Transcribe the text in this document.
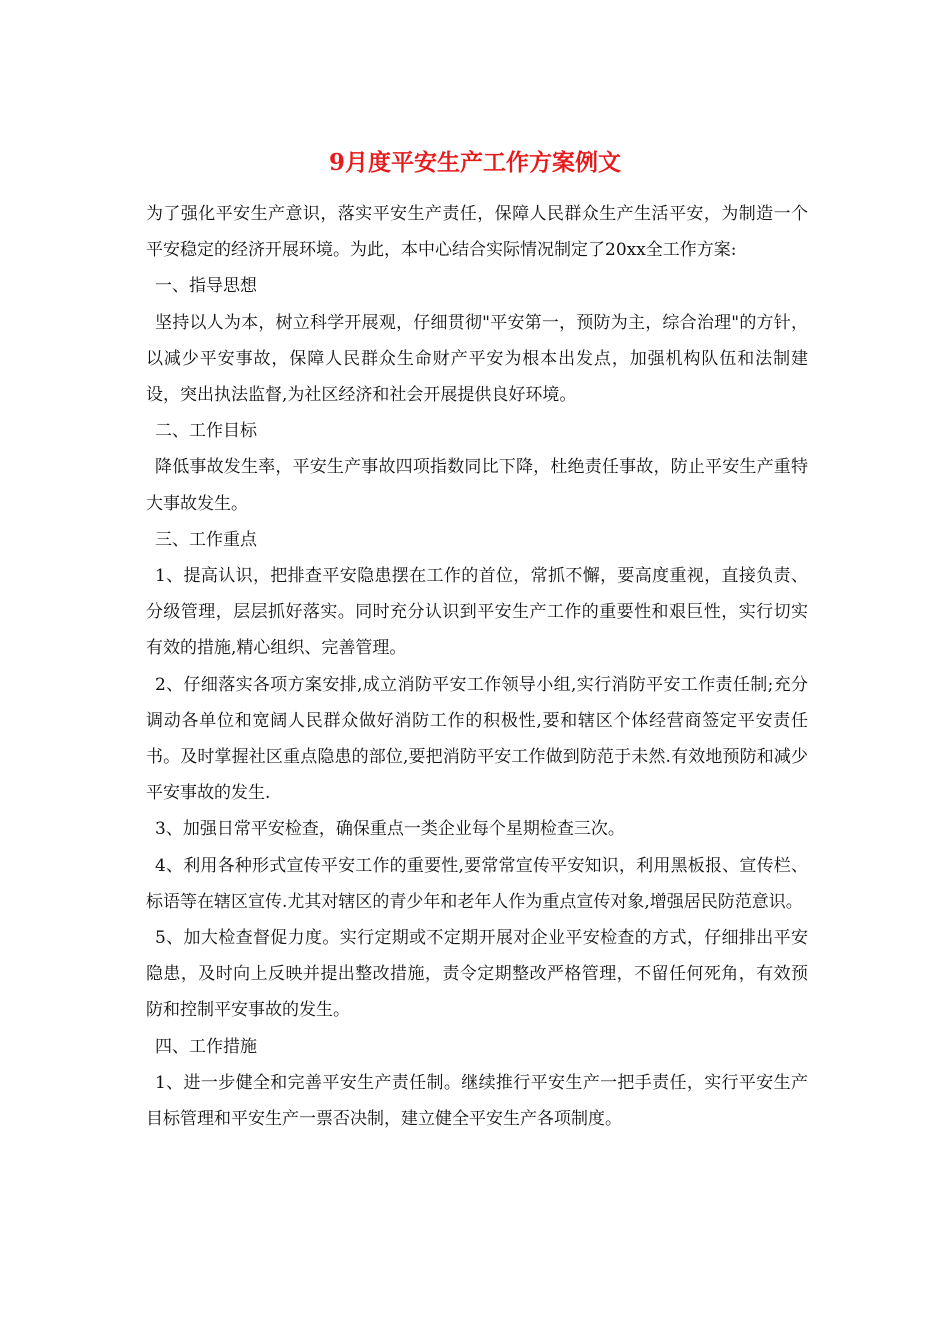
9月度平安生产工作方案例文

为了强化平安生产意识，落实平安生产责任，保障人民群众生产生活平安，为制造一个平安稳定的经济开展环境。为此，本中心结合实际情况制定了20xx全工作方案:

一、指导思想

坚持以人为本，树立科学开展观，仔细贯彻"平安第一，预防为主，综合治理"的方针，以减少平安事故，保障人民群众生命财产平安为根本出发点，加强机构队伍和法制建设，突出执法监督,为社区经济和社会开展提供良好环境。

二、工作目标

降低事故发生率，平安生产事故四项指数同比下降，杜绝责任事故，防止平安生产重特大事故发生。

三、工作重点

1、提高认识，把排查平安隐患摆在工作的首位，常抓不懈，要高度重视，直接负责、分级管理，层层抓好落实。同时充分认识到平安生产工作的重要性和艰巨性，实行切实有效的措施,精心组织、完善管理。

2、仔细落实各项方案安排,成立消防平安工作领导小组,实行消防平安工作责任制;充分调动各单位和宽阔人民群众做好消防工作的积极性,要和辖区个体经营商签定平安责任书。及时掌握社区重点隐患的部位,要把消防平安工作做到防范于未然.有效地预防和减少平安事故的发生.

3、加强日常平安检查，确保重点一类企业每个星期检查三次。

4、利用各种形式宣传平安工作的重要性,要常常宣传平安知识，利用黑板报、宣传栏、标语等在辖区宣传.尤其对辖区的青少年和老年人作为重点宣传对象,增强居民防范意识。

5、加大检查督促力度。实行定期或不定期开展对企业平安检查的方式，仔细排出平安隐患，及时向上反映并提出整改措施，责令定期整改严格管理，不留任何死角，有效预防和控制平安事故的发生。

四、工作措施

1、进一步健全和完善平安生产责任制。继续推行平安生产一把手责任，实行平安生产目标管理和平安生产一票否决制，建立健全平安生产各项制度。
